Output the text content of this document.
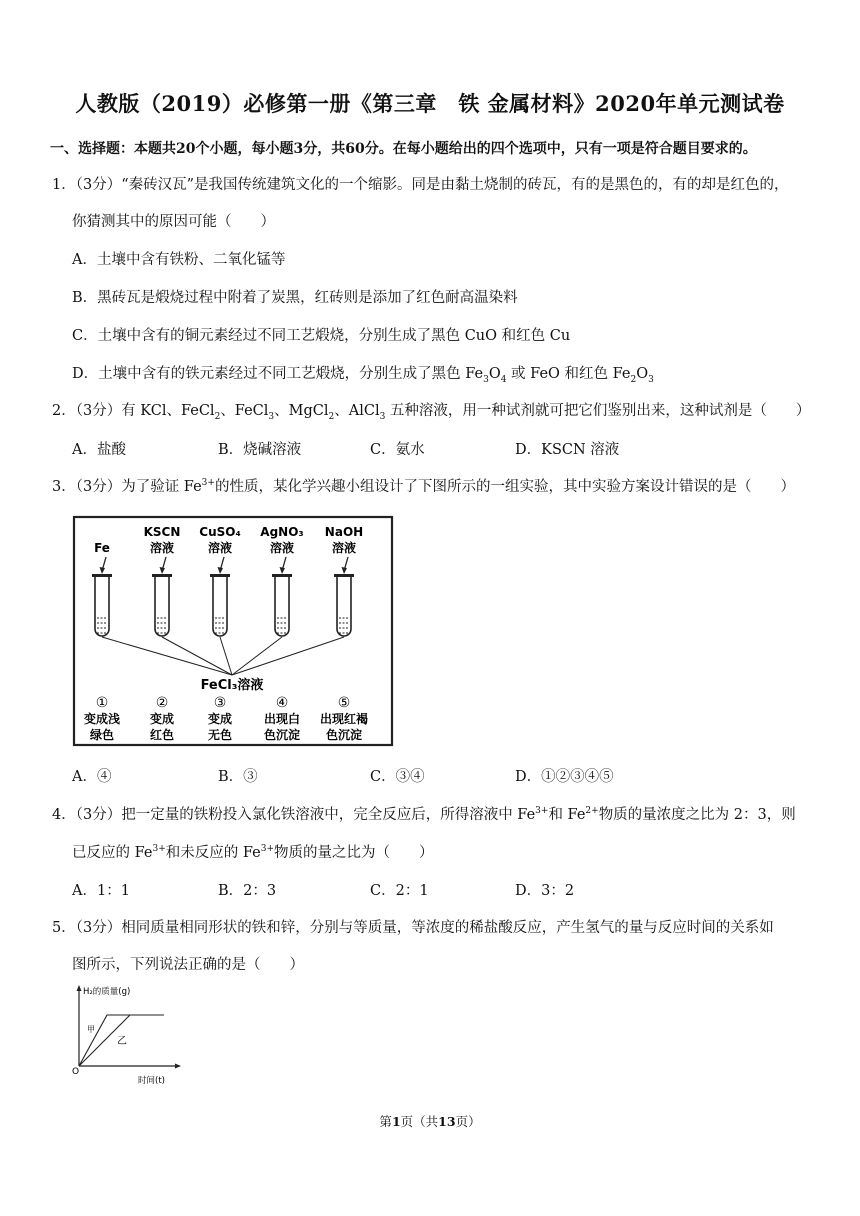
人教版（2019）必修第一册《第三章　铁 金属材料》2020年单元测试卷
一、选择题：本题共20个小题，每小题3分，共60分。在每小题给出的四个选项中，只有一项是符合题目要求的。
1．（3分）“秦砖汉瓦”是我国传统建筑文化的一个缩影。同是由黏土烧制的砖瓦，有的是黑色的，有的却是红色的，
你猜测其中的原因可能（　　）
A．土壤中含有铁粉、二氧化锰等
B．黑砖瓦是煅烧过程中附着了炭黑，红砖则是添加了红色耐高温染料
C．土壤中含有的铜元素经过不同工艺煅烧，分别生成了黑色 CuO 和红色 Cu
D．土壤中含有的铁元素经过不同工艺煅烧，分别生成了黑色 $Fe_3O_4$ 或 FeO 和红色 $Fe_2O_3$
2．（3分）有 KCl、FeCl$_2$、FeCl$_3$、MgCl$_2$、AlCl$_3$ 五种溶液，用一种试剂就可把它们鉴别出来，这种试剂是（　　）
A．盐酸	B．烧碱溶液	C．氨水	D．KSCN 溶液
3．（3分）为了验证 $Fe^{3+}$的性质，某化学兴趣小组设计了下图所示的一组实验，其中实验方案设计错误的是（　　）
Fe
KSCN
溶液
CuSO₄
溶液
AgNO₃
溶液
NaOH
溶液
FeCl₃溶液
①
变成浅
绿色
②
变成
红色
③
变成
无色
④
出现白
色沉淀
⑤
出现红褐
色沉淀
A．④	B．③	C．③④	D．①②③④⑤
4．（3分）把一定量的铁粉投入氯化铁溶液中，完全反应后，所得溶液中 $Fe^{3+}$和 $Fe^{2+}$物质的量浓度之比为 2：3，则
已反应的 $Fe^{3+}$和未反应的 $Fe^{3+}$物质的量之比为（　　）
A．1：1	B．2：3	C．2：1	D．3：2
5．（3分）相同质量相同形状的铁和锌，分别与等质量，等浓度的稀盐酸反应，产生氢气的量与反应时间的关系如
图所示，下列说法正确的是（　　）
H₂的质量(g)
O
时间(t)
甲
乙
第1页（共13页）
